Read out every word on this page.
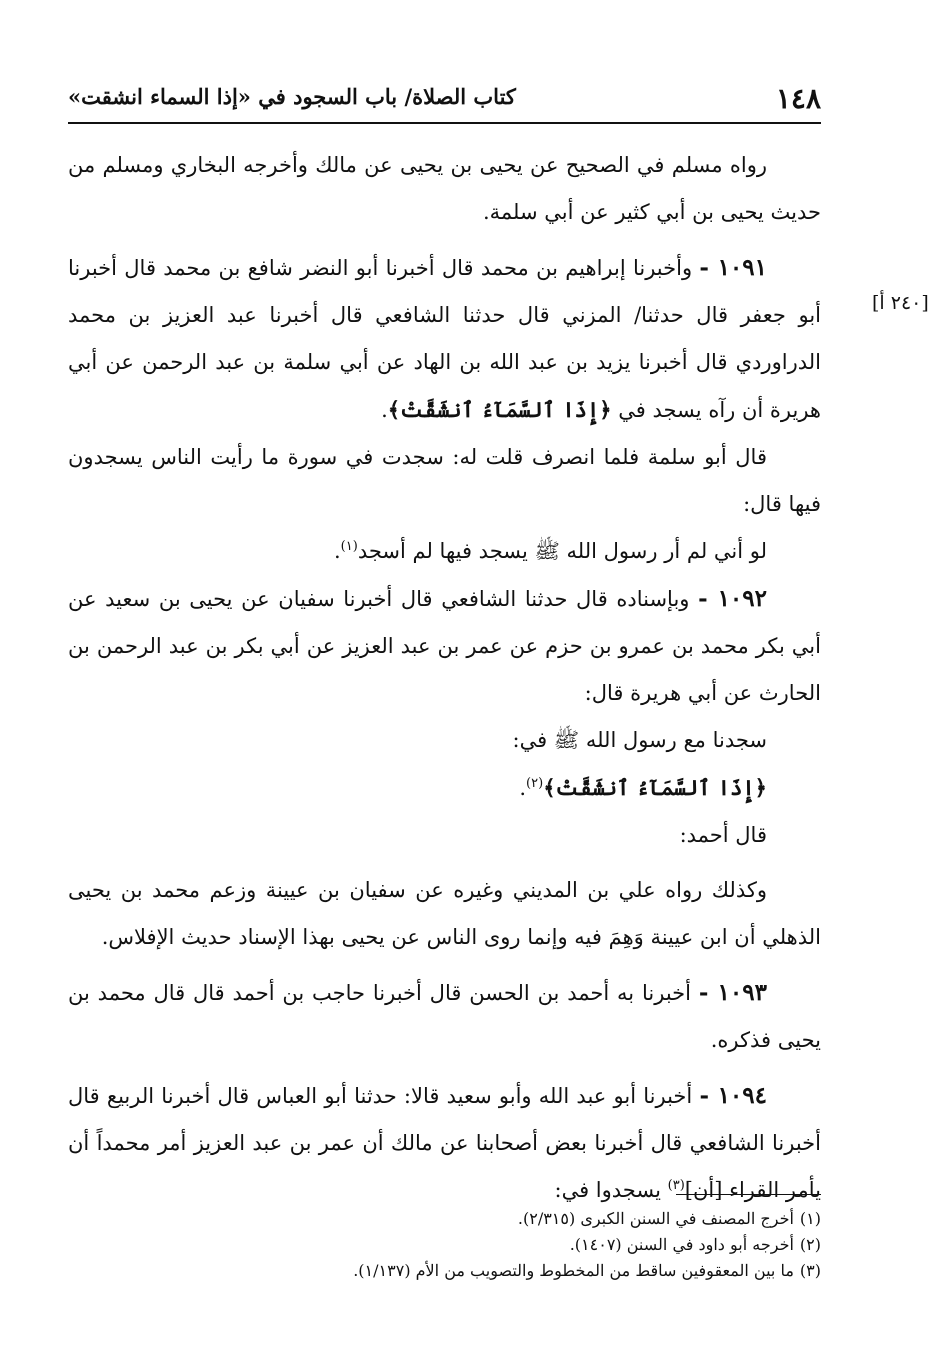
١٤٨
كتاب الصلاة/ باب السجود في «إذا السماء انشقت»
[٢٤٠ أ]

رواه مسلم في الصحيح عن يحيى بن يحيى عن مالك وأخرجه البخاري ومسلم من حديث يحيى بن أبي كثير عن أبي سلمة.

١٠٩١ - وأخبرنا إبراهيم بن محمد قال أخبرنا أبو النضر شافع بن محمد قال أخبرنا أبو جعفر قال حدثنا/ المزني قال حدثنا الشافعي قال أخبرنا عبد العزيز بن محمد الدراوردي قال أخبرنا يزيد بن عبد الله بن الهاد عن أبي سلمة بن عبد الرحمن عن أبي هريرة أن رآه يسجد في ﴿إِذَا ٱلسَّمَآءُ ٱنشَقَّتْ﴾.

قال أبو سلمة فلما انصرف قلت له: سجدت في سورة ما رأيت الناس يسجدون فيها قال:

لو أني لم أر رسول الله ﷺ يسجد فيها لم أسجد$^{(١)}$.

١٠٩٢ - وبإسناده قال حدثنا الشافعي قال أخبرنا سفيان عن يحيى بن سعيد عن أبي بكر محمد بن عمرو بن حزم عن عمر بن عبد العزيز عن أبي بكر بن عبد الرحمن بن الحارث عن أبي هريرة قال:

سجدنا مع رسول الله ﷺ في:

﴿إِذَا ٱلسَّمَآءُ ٱنشَقَّتْ﴾$^{(٢)}$.

قال أحمد:

وكذلك رواه علي بن المديني وغيره عن سفيان بن عيينة وزعم محمد بن يحيى الذهلي أن ابن عيينة وَهِمَ فيه وإنما روى الناس عن يحيى بهذا الإسناد حديث الإفلاس.

١٠٩٣ - أخبرنا به أحمد بن الحسن قال أخبرنا حاجب بن أحمد قال قال محمد بن يحيى فذكره.

١٠٩٤ - أخبرنا أبو عبد الله وأبو سعيد قالا: حدثنا أبو العباس قال أخبرنا الربيع قال أخبرنا الشافعي قال أخبرنا بعض أصحابنا عن مالك أن عمر بن عبد العزيز أمر محمداً أن يأمر القراء [أن]$^{(٣)}$ يسجدوا في:

(١)أخرج المصنف في السنن الكبرى (٢/٣١٥).

(٢)أخرجه أبو داود في السنن (١٤٠٧).

(٣)ما بين المعقوفين ساقط من المخطوط والتصويب من الأم (١/١٣٧).
